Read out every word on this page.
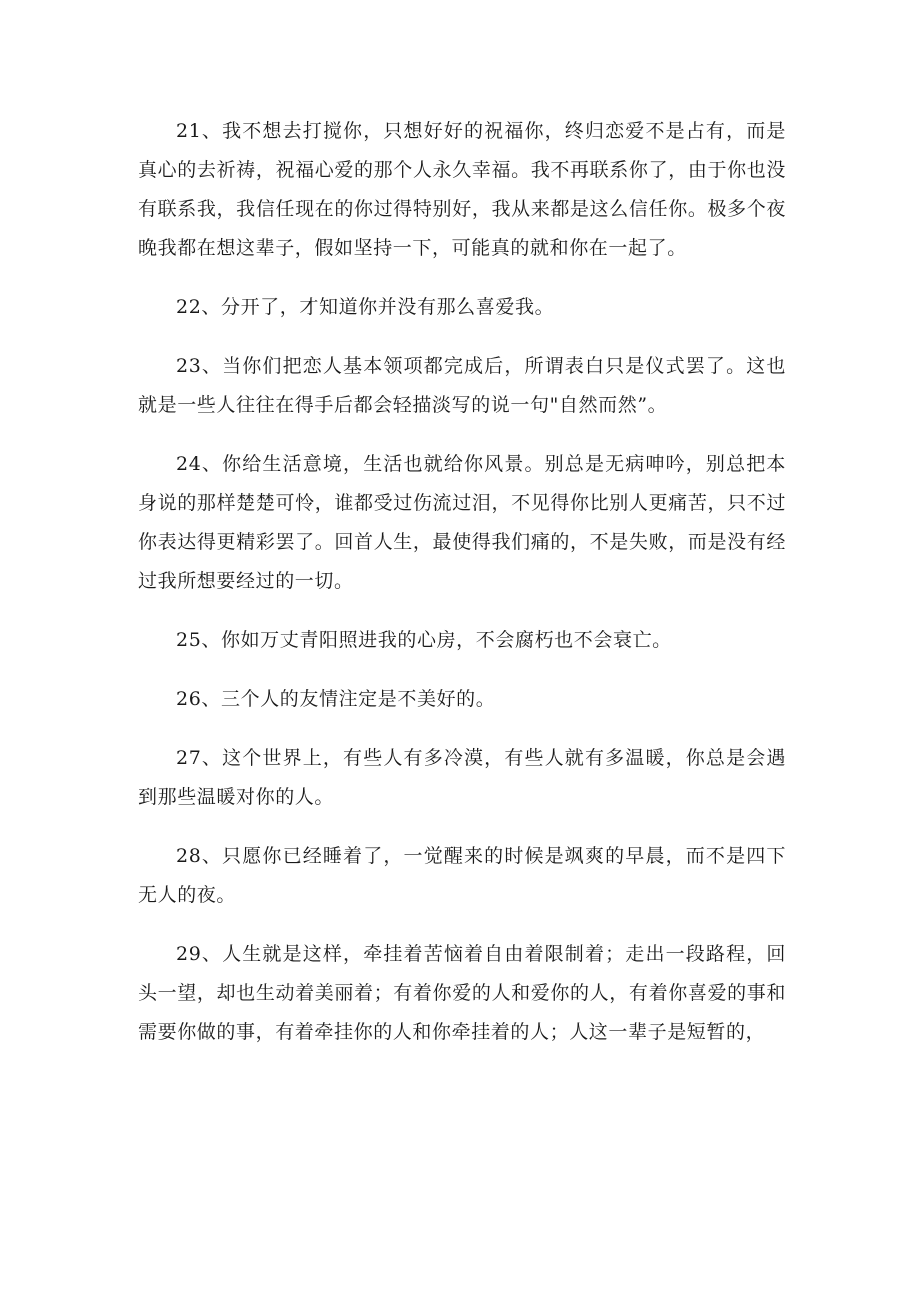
21、我不想去打搅你，只想好好的祝福你，终归恋爱不是占有，而是真心的去祈祷，祝福心爱的那个人永久幸福。我不再联系你了，由于你也没有联系我，我信任现在的你过得特别好，我从来都是这么信任你。极多个夜晚我都在想这辈子，假如坚持一下，可能真的就和你在一起了。

22、分开了，才知道你并没有那么喜爱我。

23、当你们把恋人基本领项都完成后，所谓表白只是仪式罢了。这也就是一些人往往在得手后都会轻描淡写的说一句"自然而然”。

24、你给生活意境，生活也就给你风景。别总是无病呻吟，别总把本身说的那样楚楚可怜，谁都受过伤流过泪，不见得你比别人更痛苦，只不过你表达得更精彩罢了。回首人生，最使得我们痛的，不是失败，而是没有经过我所想要经过的一切。

25、你如万丈青阳照进我的心房，不会腐朽也不会衰亡。

26、三个人的友情注定是不美好的。

27、这个世界上，有些人有多冷漠，有些人就有多温暖，你总是会遇到那些温暖对你的人。

28、只愿你已经睡着了，一觉醒来的时候是飒爽的早晨，而不是四下无人的夜。

29、人生就是这样，牵挂着苦恼着自由着限制着；走出一段路程，回头一望，却也生动着美丽着；有着你爱的人和爱你的人，有着你喜爱的事和需要你做的事，有着牵挂你的人和你牵挂着的人；人这一辈子是短暂的，
